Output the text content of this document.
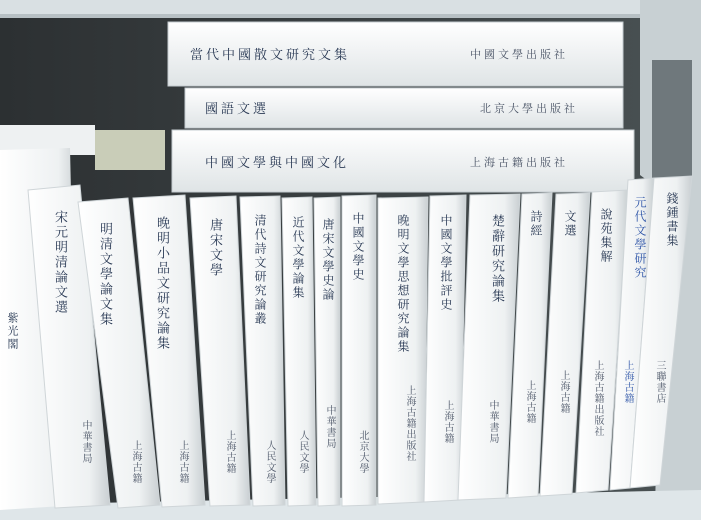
當代中國散文研究文集	中國文學出版社
國語文選	北京大學出版社
中國文學與中國文化	上海古籍出版社
紫光閣
宋元明清論文選
中華書局
明清文學論文集
上海古籍
晚明小品文研究論集
上海古籍
唐宋文學
上海古籍
清代詩文研究論叢
人民文學
近代文學論集
人民文學
唐宋文學史論
中華書局
中國文學史
北京大學
晚明文學思想研究論集
上海古籍出版社
中國文學批評史
上海古籍
楚辭研究論集
中華書局
詩經
上海古籍
文選
上海古籍
說苑集解
上海古籍出版社
元代文學研究
上海古籍
錢鍾書集
三聯書店
